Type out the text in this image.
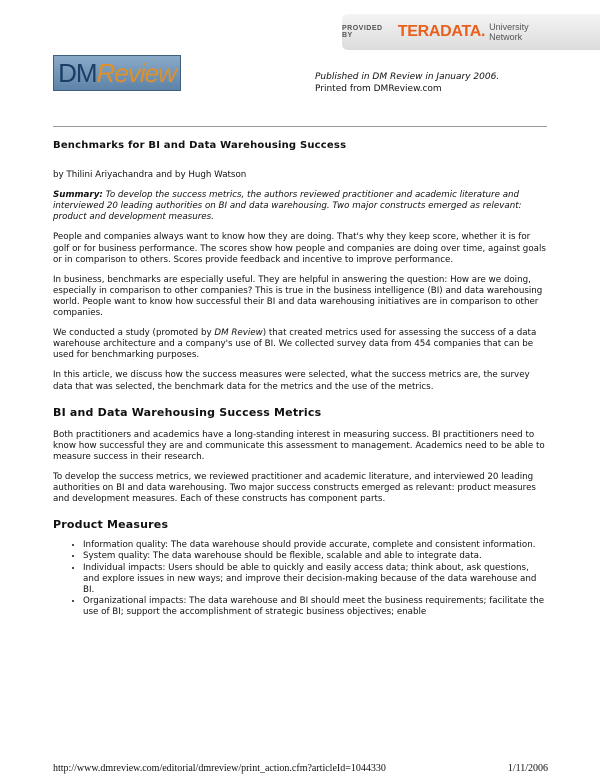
PROVIDED BY	TERADATA. University Network
DMReview	Published in DM Review in January 2006.
Printed from DMReview.com
Benchmarks for BI and Data Warehousing Success

by Thilini Ariyachandra and by Hugh Watson

Summary: To develop the success metrics, the authors reviewed practitioner and academic literature and interviewed 20 leading authorities on BI and data warehousing. Two major constructs emerged as relevant: product and development measures.

People and companies always want to know how they are doing. That's why they keep score, whether it is for golf or for business performance. The scores show how people and companies are doing over time, against goals or in comparison to others. Scores provide feedback and incentive to improve performance.

In business, benchmarks are especially useful. They are helpful in answering the question: How are we doing, especially in comparison to other companies? This is true in the business intelligence (BI) and data warehousing world. People want to know how successful their BI and data warehousing initiatives are in comparison to other companies.

We conducted a study (promoted by DM Review) that created metrics used for assessing the success of a data warehouse architecture and a company's use of BI. We collected survey data from 454 companies that can be used for benchmarking purposes.

In this article, we discuss how the success measures were selected, what the success metrics are, the survey data that was selected, the benchmark data for the metrics and the use of the metrics.

BI and Data Warehousing Success Metrics

Both practitioners and academics have a long-standing interest in measuring success. BI practitioners need to know how successful they are and communicate this assessment to management. Academics need to be able to measure success in their research.

To develop the success metrics, we reviewed practitioner and academic literature, and interviewed 20 leading authorities on BI and data warehousing. Two major success constructs emerged as relevant: product measures and development measures. Each of these constructs has component parts.

Product Measures
• Information quality: The data warehouse should provide accurate, complete and consistent information.
• System quality: The data warehouse should be flexible, scalable and able to integrate data.
• Individual impacts: Users should be able to quickly and easily access data; think about, ask questions, and explore issues in new ways; and improve their decision-making because of the data warehouse and BI.
• Organizational impacts: The data warehouse and BI should meet the business requirements; facilitate the use of BI; support the accomplishment of strategic business objectives; enable
http://www.dmreview.com/editorial/dmreview/print_action.cfm?articleId=1044330	1/11/2006
